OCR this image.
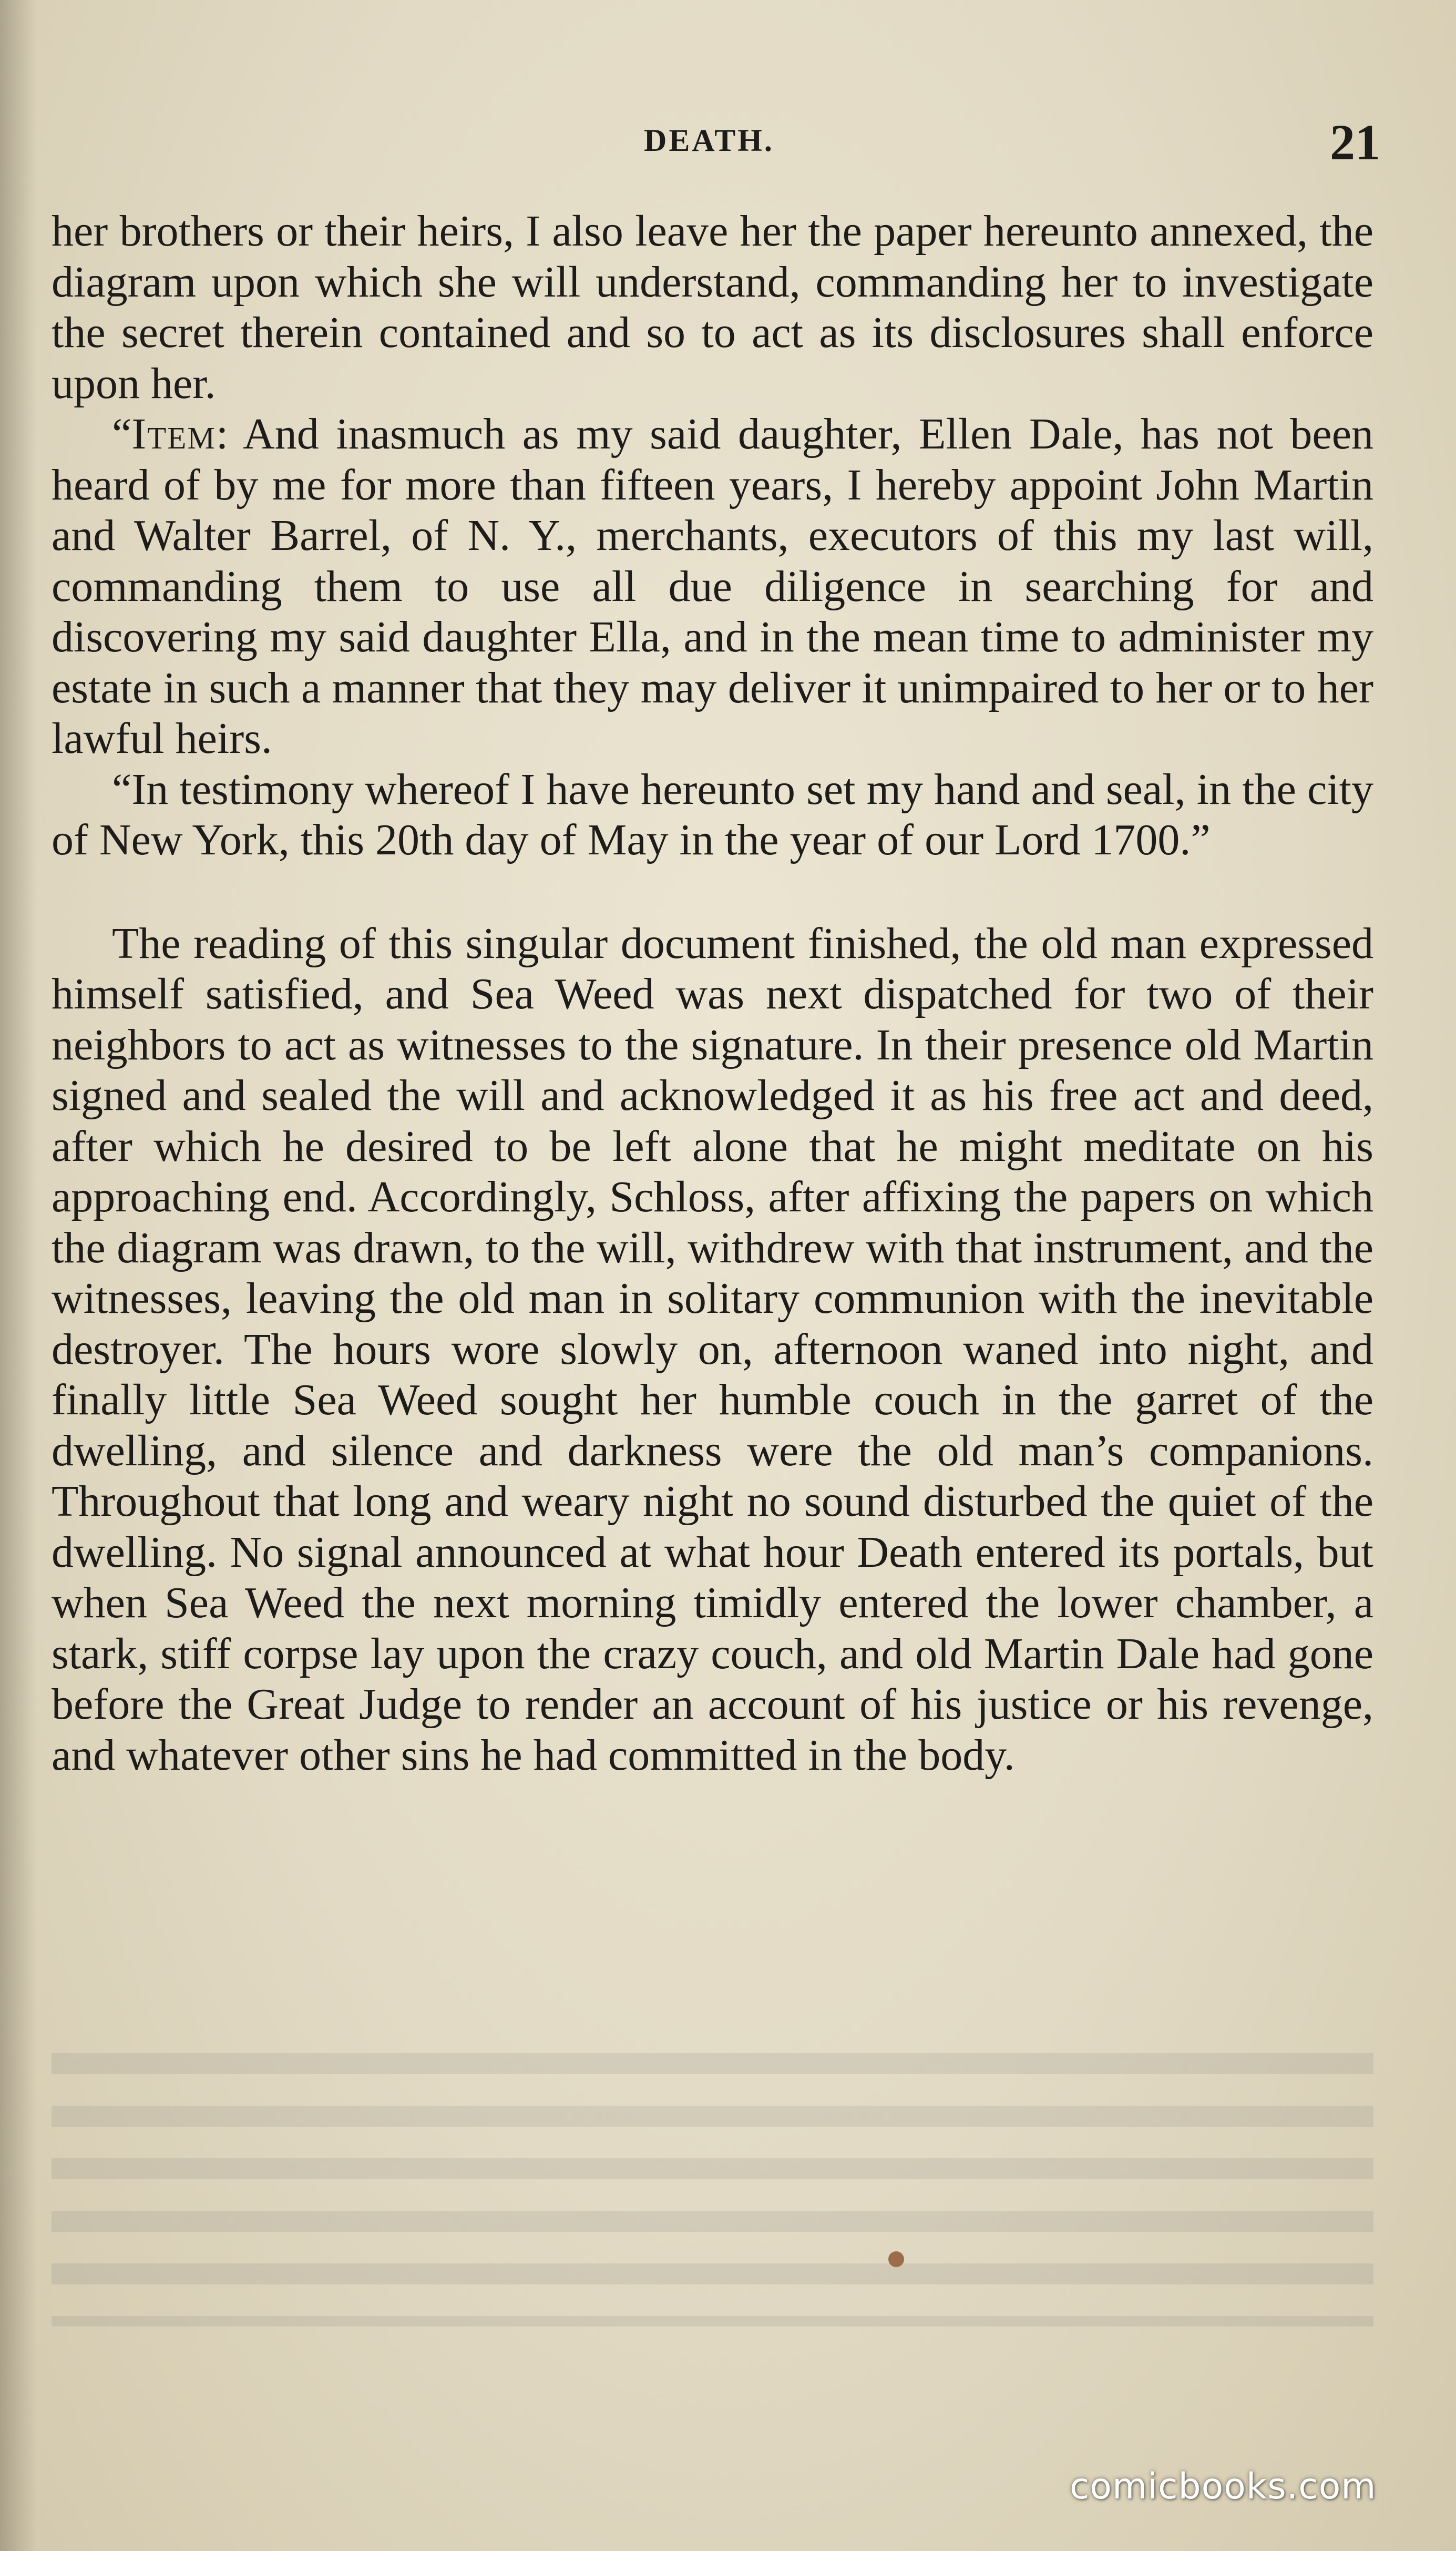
DEATH.	21

her brothers or their heirs, I also leave her the paper hereunto annexed, the diagram upon which she will understand, commanding her to investigate the secret therein contained and so to act as its disclosures shall enforce upon her.

“Item: And inasmuch as my said daughter, Ellen Dale, has not been heard of by me for more than fifteen years, I hereby appoint John Martin and Walter Barrel, of N. Y., merchants, executors of this my last will, commanding them to use all due diligence in searching for and discovering my said daughter Ella, and in the mean time to administer my estate in such a manner that they may deliver it unimpaired to her or to her lawful heirs.

“In testimony whereof I have hereunto set my hand and seal, in the city of New York, this 20th day of May in the year of our Lord 1700.”

The reading of this singular document finished, the old man expressed himself satisfied, and Sea Weed was next dispatched for two of their neighbors to act as witnesses to the signature. In their presence old Martin signed and sealed the will and acknowledged it as his free act and deed, after which he desired to be left alone that he might meditate on his approaching end. Accordingly, Schloss, after affixing the papers on which the diagram was drawn, to the will, withdrew with that instrument, and the witnesses, leaving the old man in solitary communion with the inevitable destroyer. The hours wore slowly on, afternoon waned into night, and finally little Sea Weed sought her humble couch in the garret of the dwelling, and silence and darkness were the old man’s companions. Throughout that long and weary night no sound disturbed the quiet of the dwelling. No signal announced at what hour Death entered its portals, but when Sea Weed the next morning timidly entered the lower chamber, a stark, stiff corpse lay upon the crazy couch, and old Martin Dale had gone before the Great Judge to render an account of his justice or his revenge, and whatever other sins he had committed in the body.

comicbooks.com
